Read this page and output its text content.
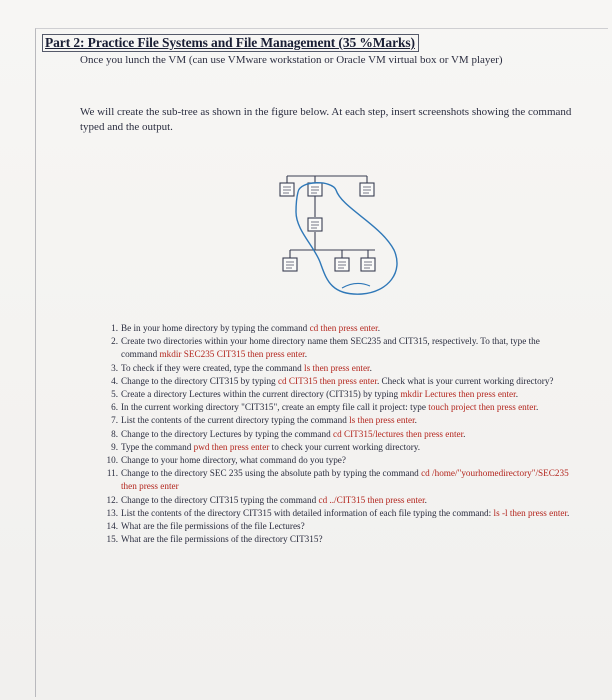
Part 2: Practice File Systems and File Management (35 %Marks)
Once you lunch the VM (can use VMware workstation or Oracle VM virtual box or VM player)
We will create the sub-tree as shown in the figure below. At each step, insert screenshots showing the command typed and the output.
1. Be in your home directory by typing the command cd then press enter.
2. Create two directories within your home directory name them SEC235 and CIT315, respectively. To that, type the command mkdir SEC235 CIT315 then press enter.
3. To check if they were created, type the command ls then press enter.
4. Change to the directory CIT315 by typing cd CIT315 then press enter. Check what is your current working directory?
5. Create a directory Lectures within the current directory (CIT315) by typing mkdir Lectures then press enter.
6. In the current working directory "CIT315", create an empty file call it project: type touch project then press enter.
7. List the contents of the current directory typing the command ls then press enter.
8. Change to the directory Lectures by typing the command cd CIT315/lectures then press enter.
9. Type the command pwd then press enter to check your current working directory.
10. Change to your home directory, what command do you type?
11. Change to the directory SEC 235 using the absolute path by typing the command cd /home/"yourhomedirectory"/SEC235 then press enter
12. Change to the directory CIT315 typing the command cd ../CIT315 then press enter.
13. List the contents of the directory CIT315 with detailed information of each file typing the command: ls -l then press enter.
14. What are the file permissions of the file Lectures?
15. What are the file permissions of the directory CIT315?
